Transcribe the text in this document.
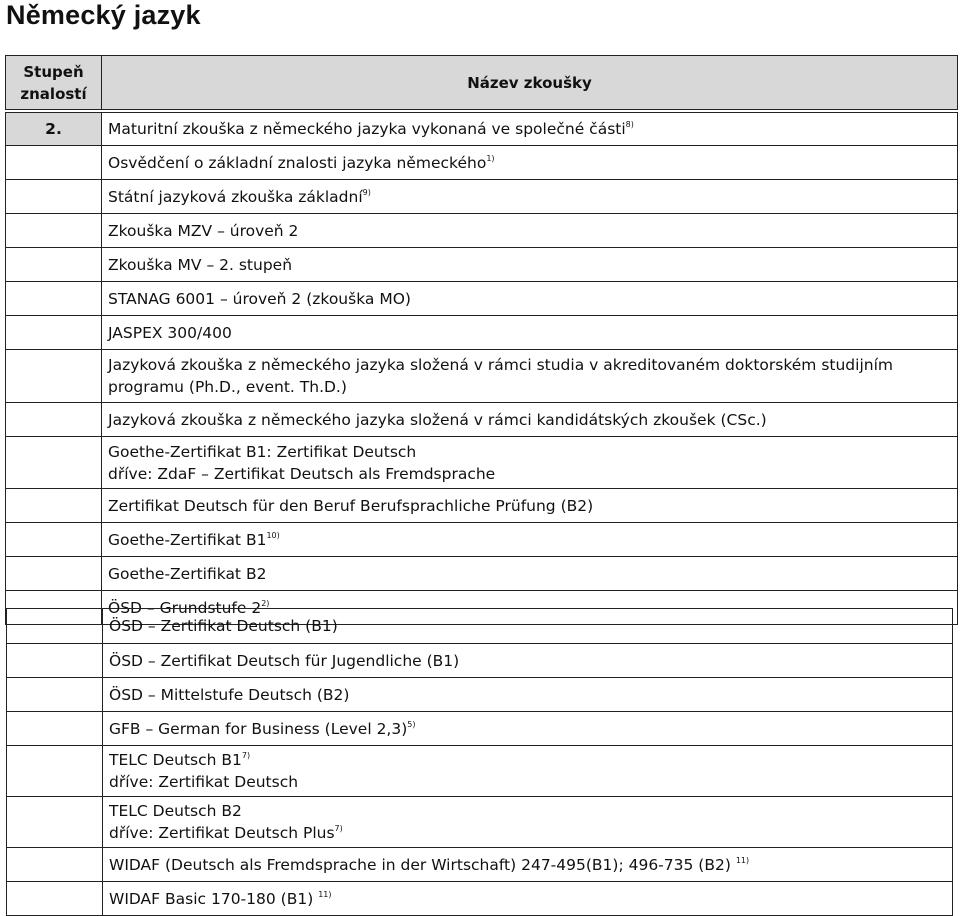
Německý jazyk
Stupeň
znalostí	Název zkoušky

2.	Maturitní zkouška z německého jazyka vykonaná ve společné části$^{8)}$

	Osvědčení o základní znalosti jazyka německého$^{1)}$

	Státní jazyková zkouška základní$^{9)}$

	Zkouška MZV – úroveň 2

	Zkouška MV – 2. stupeň

	STANAG 6001 – úroveň 2 (zkouška MO)

	JASPEX 300/400

	Jazyková zkouška z německého jazyka složená v rámci studia v akreditovaném doktorském studijním
programu (Ph.D., event. Th.D.)

	Jazyková zkouška z německého jazyka složená v rámci kandidátských zkoušek (CSc.)

	Goethe-Zertifikat B1: Zertifikat Deutsch
dříve: ZdaF – Zertifikat Deutsch als Fremdsprache

	Zertifikat Deutsch für den Beruf Berufsprachliche Prüfung (B2)

	Goethe-Zertifikat B1$^{10)}$

	Goethe-Zertifikat B2

	ÖSD – Grundstufe 2$^{2)}$

	ÖSD – Zertifikat Deutsch (B1)

	ÖSD – Zertifikat Deutsch für Jugendliche (B1)

	ÖSD – Mittelstufe Deutsch (B2)

	GFB – German for Business (Level 2,3)$^{5)}$

	TELC Deutsch B1$^{7)}$
dříve: Zertifikat Deutsch

	TELC Deutsch B2
dříve: Zertifikat Deutsch Plus$^{7)}$

	WIDAF (Deutsch als Fremdsprache in der Wirtschaft) 247-495(B1); 496-735 (B2) $^{11)}$

	WIDAF Basic 170-180 (B1) $^{11)}$
